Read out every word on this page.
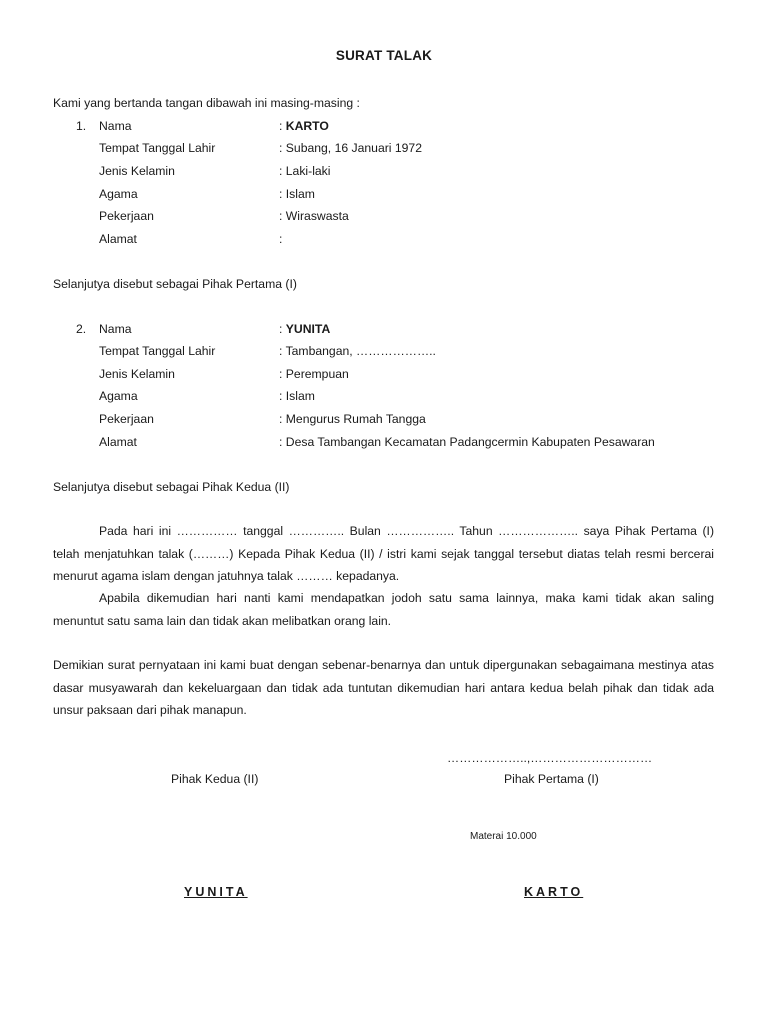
SURAT TALAK
Kami yang bertanda tangan dibawah ini masing-masing :
1. Nama	: KARTO
Tempat Tanggal Lahir	: Subang, 16 Januari 1972
Jenis Kelamin	: Laki-laki
Agama	: Islam
Pekerjaan	: Wiraswasta
Alamat	:
Selanjutya disebut sebagai Pihak Pertama (I)
2. Nama	: YUNITA
Tempat Tanggal Lahir	: Tambangan, ………………..
Jenis Kelamin	: Perempuan
Agama	: Islam
Pekerjaan	: Mengurus Rumah Tangga
Alamat	: Desa Tambangan Kecamatan Padangcermin Kabupaten Pesawaran
Selanjutya disebut sebagai Pihak Kedua (II)
Pada hari ini …………… tanggal ………….. Bulan …………….. Tahun ……………….. saya Pihak Pertama (I) telah menjatuhkan talak (………) Kepada Pihak Kedua (II) / istri kami sejak tanggal tersebut diatas telah resmi bercerai menurut agama islam dengan jatuhnya talak ……… kepadanya.
Apabila dikemudian hari nanti kami mendapatkan jodoh satu sama lainnya, maka kami tidak akan saling menuntut satu sama lain dan tidak akan melibatkan orang lain.
Demikian surat pernyataan ini kami buat dengan sebenar-benarnya dan untuk dipergunakan sebagaimana mestinya atas dasar musyawarah dan kekeluargaan dan tidak ada tuntutan dikemudian hari antara kedua belah pihak dan tidak ada unsur paksaan dari pihak manapun.
………………..,…………………………
Pihak Kedua (II)	Pihak Pertama (I)
Materai 10.000
YUNITA	KARTO
